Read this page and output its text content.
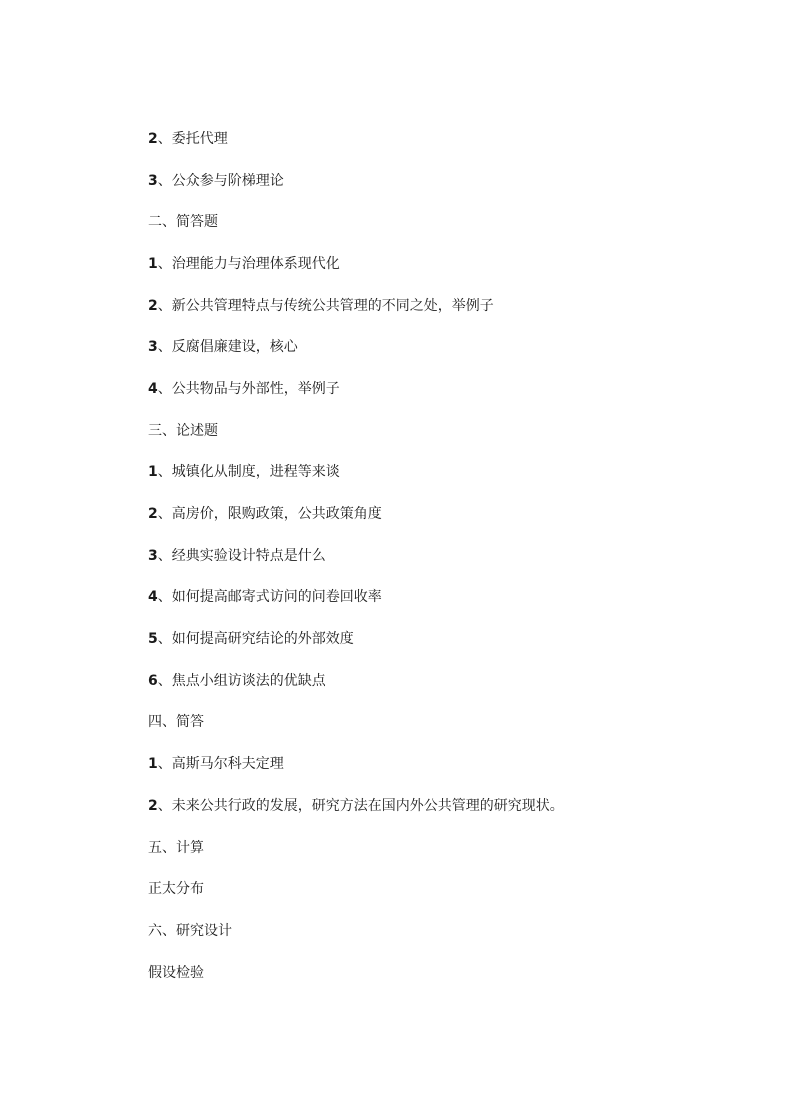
2 、委托代理
3 、公众参与阶梯理论
二、简答题
1 、治理能力与治理体系现代化
2 、新公共管理特点与传统公共管理的不同之处，举例子
3 、反腐倡廉建设，核心
4 、公共物品与外部性，举例子
三、论述题
1 、城镇化从制度，进程等来谈
2 、高房价，限购政策，公共政策角度
3 、经典实验设计特点是什么
4 、如何提高邮寄式访问的问卷回收率
5 、如何提高研究结论的外部效度
6 、焦点小组访谈法的优缺点
四、简答
1 、高斯马尔科夫定理
2 、未来公共行政的发展，研究方法在国内外公共管理的研究现状。
五、计算
正太分布
六、研究设计
假设检验
